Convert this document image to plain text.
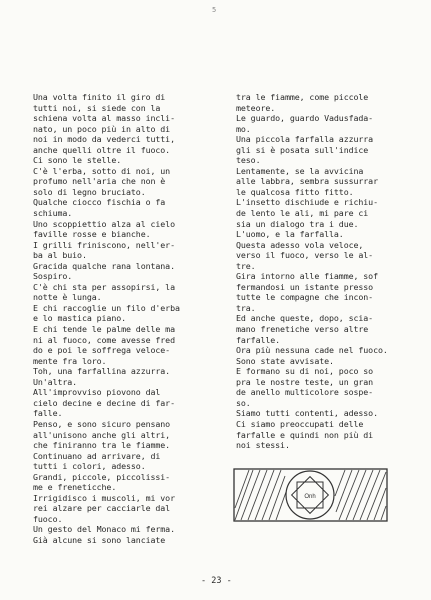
5
Una volta finito il giro di
tutti noi, si siede con la
schiena volta al masso incli-
nato, un poco più in alto di
noi in modo da vederci tutti,
anche quelli oltre il fuoco.
Ci sono le stelle.
C'è l'erba, sotto di noi, un
profumo nell'aria che non è
solo di legno bruciato.
Qualche ciocco fischia o fa
schiuma.
Uno scoppiettio alza al cielo
faville rosse e bianche.
I grilli friniscono, nell'er-
ba al buio.
Gracida qualche rana lontana.
Sospiro.
C'è chi sta per assopirsi, la
notte è lunga.
E chi raccoglie un filo d'erba
e lo mastica piano.
E chi tende le palme delle ma
ni al fuoco, come avesse fred
do e poi le soffrega veloce-
mente fra loro.
Toh, una farfallina azzurra.
Un'altra.
All'improvviso piovono dal
cielo decine e decine di far-
falle.
Penso, e sono sicuro pensano
all'unisono anche gli altri,
che finiranno tra le fiamme.
Continuano ad arrivare, di
tutti i colori, adesso.
Grandi, piccole, piccolissi-
me e freneticche.
Irrigidisco i muscoli, mi vor
rei alzare per cacciarle dal
fuoco.
Un gesto del Monaco mi ferma.
Già alcune si sono lanciate
tra le fiamme, come piccole
meteore.
Le guardo, guardo Vadusfada-
mo.
Una piccola farfalla azzurra
gli si è posata sull'indice
teso.
Lentamente, se la avvicina
alle labbra, sembra sussurrar
le qualcosa fitto fitto.
L'insetto dischiude e richiu-
de lento le ali, mi pare ci
sia un dialogo tra i due.
L'uomo, e la farfalla.
Questa adesso vola veloce,
verso il fuoco, verso le al-
tre.
Gira intorno alle fiamme, sof
fermandosi un istante presso
tutte le compagne che incon-
tra.
Ed anche queste, dopo, scia-
mano frenetiche verso altre
farfalle.
Ora più nessuna cade nel fuoco.
Sono state avvisate.
E formano su di noi, poco so
pra le nostre teste, un gran
de anello multicolore sospe-
so.
Siamo tutti contenti, adesso.
Ci siamo preoccupati delle
farfalle e quindi non più di
noi stessi.
Onh
- 23 -
